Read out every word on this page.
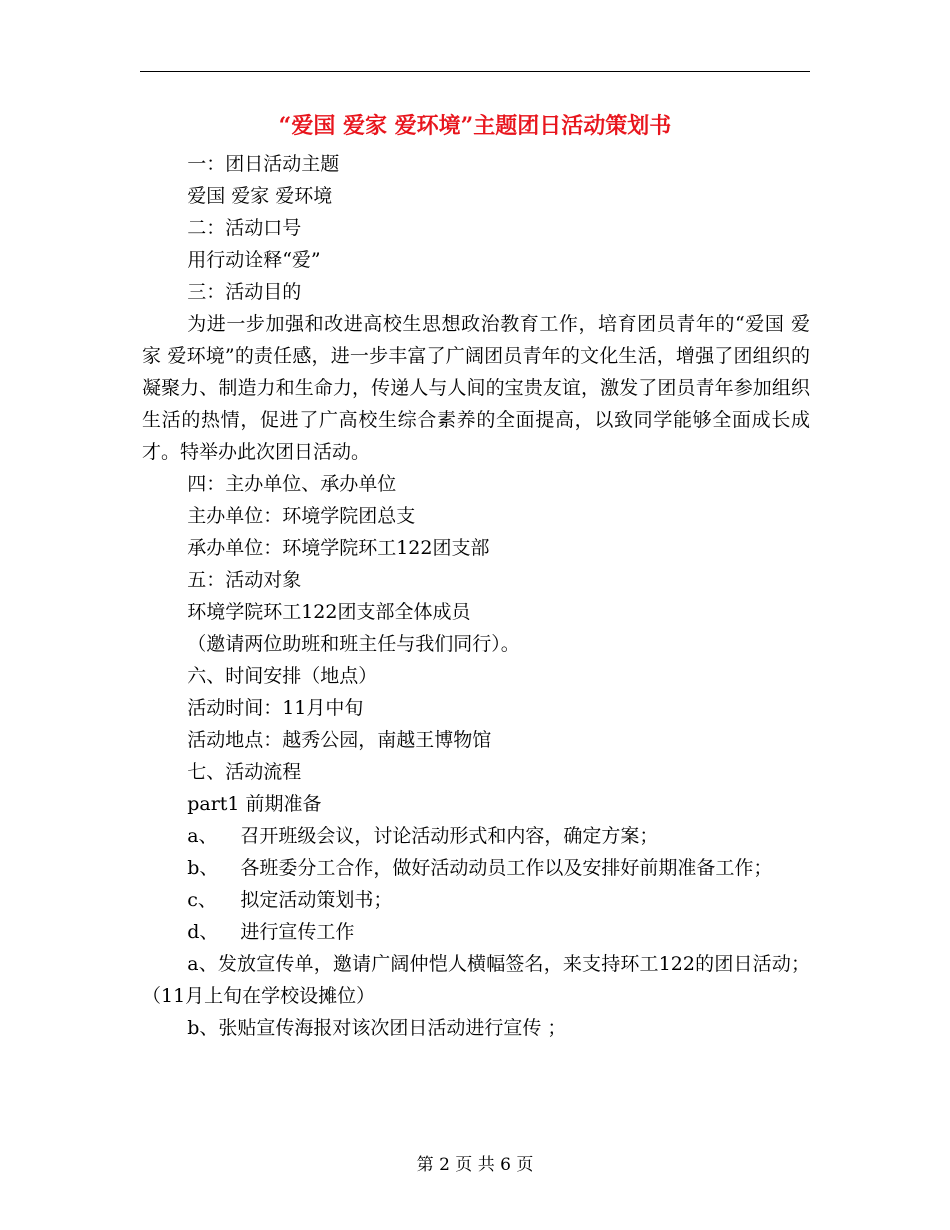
“爱国 爱家 爱环境”主题团日活动策划书

一：团日活动主题

爱国 爱家 爱环境

二：活动口号

用行动诠释“爱”

三：活动目的

为进一步加强和改进高校生思想政治教育工作，培育团员青年的“爱国 爱家 爱环境”的责任感，进一步丰富了广阔团员青年的文化生活，增强了团组织的凝聚力、制造力和生命力，传递人与人间的宝贵友谊，激发了团员青年参加组织生活的热情，促进了广高校生综合素养的全面提高，以致同学能够全面成长成才。特举办此次团日活动。

四：主办单位、承办单位

主办单位：环境学院团总支

承办单位：环境学院环工122团支部

五：活动对象

环境学院环工122团支部全体成员

（邀请两位助班和班主任与我们同行）。

六、时间安排（地点）

活动时间：11月中旬

活动地点：越秀公园，南越王博物馆

七、活动流程

part1 前期准备

a、 召开班级会议，讨论活动形式和内容，确定方案；

b、 各班委分工合作，做好活动动员工作以及安排好前期准备工作；

c、 拟定活动策划书；

d、 进行宣传工作

a、发放宣传单，邀请广阔仲恺人横幅签名，来支持环工122的团日活动；（11月上旬在学校设摊位）

b、张贴宣传海报对该次团日活动进行宣传 ；

第 2 页 共 6 页
